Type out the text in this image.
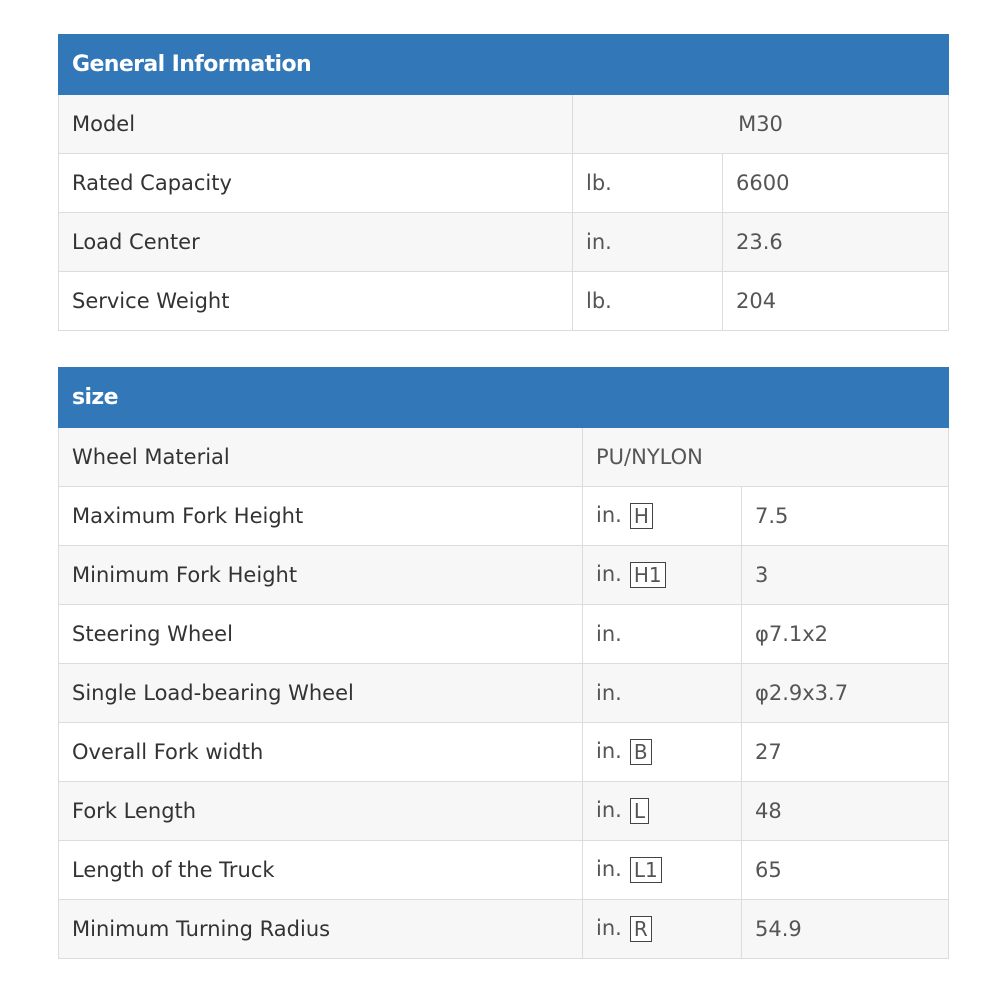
General Information		
Model	M30	
Rated Capacity	lb.	6600
Load Center	in.	23.6
Service Weight	lb.	204
size		
Wheel Material	PU/NYLON	
Maximum Fork Height	in. H	7.5
Minimum Fork Height	in. H1	3
Steering Wheel	in.	φ7.1x2
Single Load-bearing Wheel	in.	φ2.9x3.7
Overall Fork width	in. B	27
Fork Length	in. L	48
Length of the Truck	in. L1	65
Minimum Turning Radius	in. R	54.9
